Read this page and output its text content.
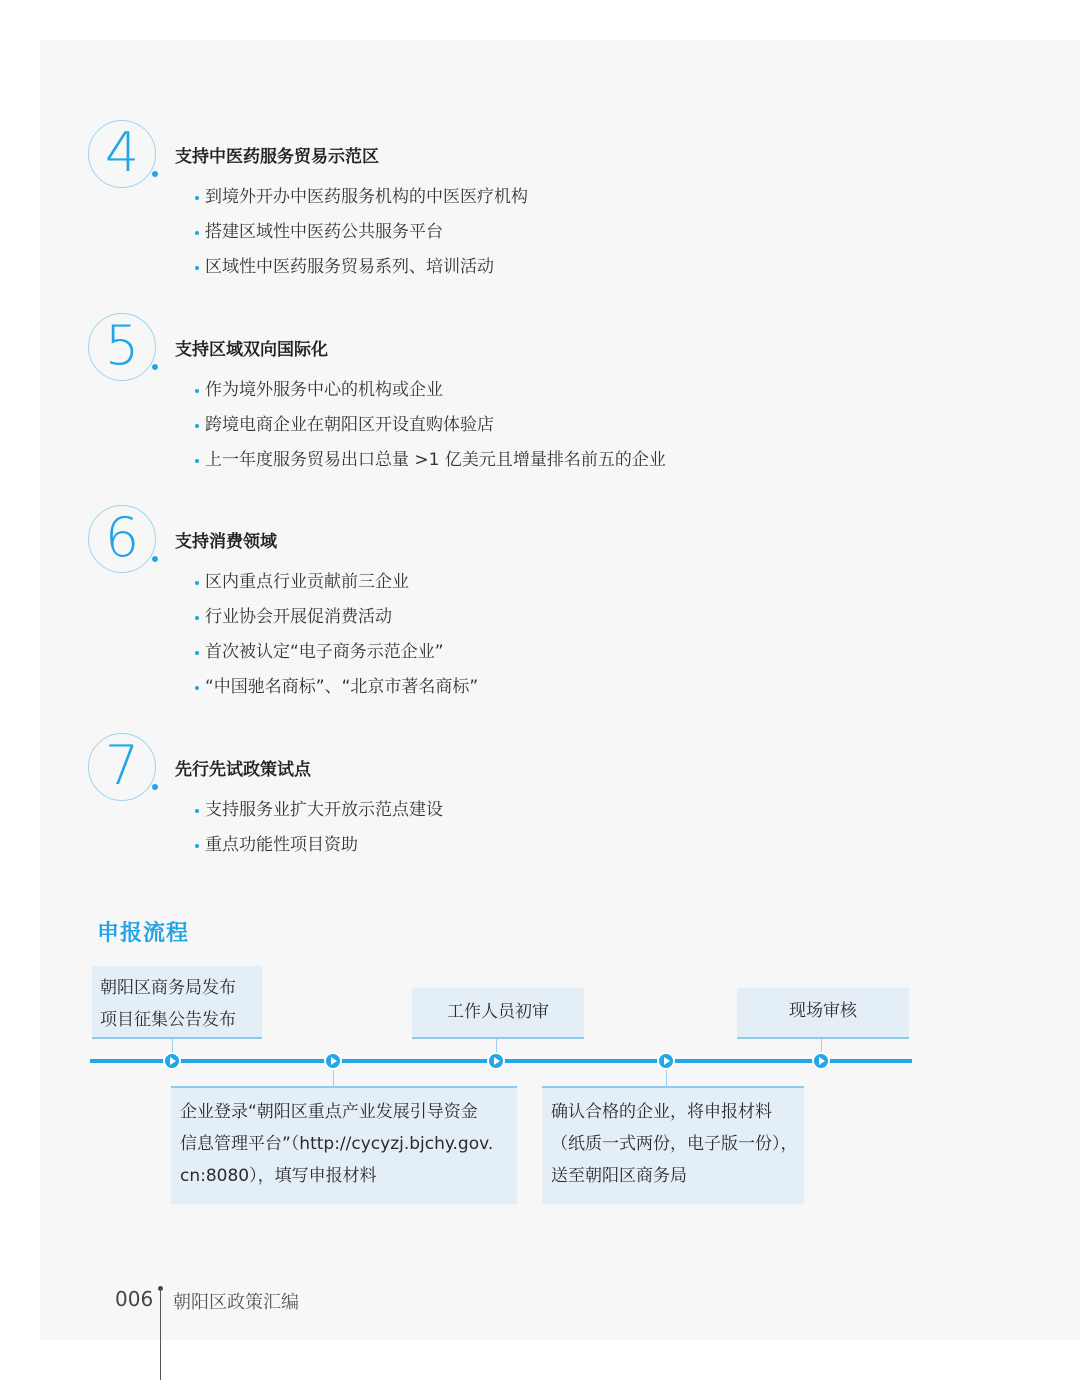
4	支持中医药服务贸易示范区
到境外开办中医药服务机构的中医医疗机构
搭建区域性中医药公共服务平台
区域性中医药服务贸易系列、培训活动
5	支持区域双向国际化
作为境外服务中心的机构或企业
跨境电商企业在朝阳区开设直购体验店
上一年度服务贸易出口总量 >1 亿美元且增量排名前五的企业
6	支持消费领域
区内重点行业贡献前三企业
行业协会开展促消费活动
首次被认定“电子商务示范企业”
“中国驰名商标”、“北京市著名商标”
7	先行先试政策试点
支持服务业扩大开放示范点建设
重点功能性项目资助
申报流程

朝阳区商务局发布

项目征集公告发布	工作人员初审	现场审核

企业登录“朝阳区重点产业发展引导资金

信息管理平台”（http://cycyzj.bjchy.gov.

cn:8080），填写申报材料

确认合格的企业，将申报材料

（纸质一式两份，电子版一份），

送至朝阳区商务局

006 朝阳区政策汇编
